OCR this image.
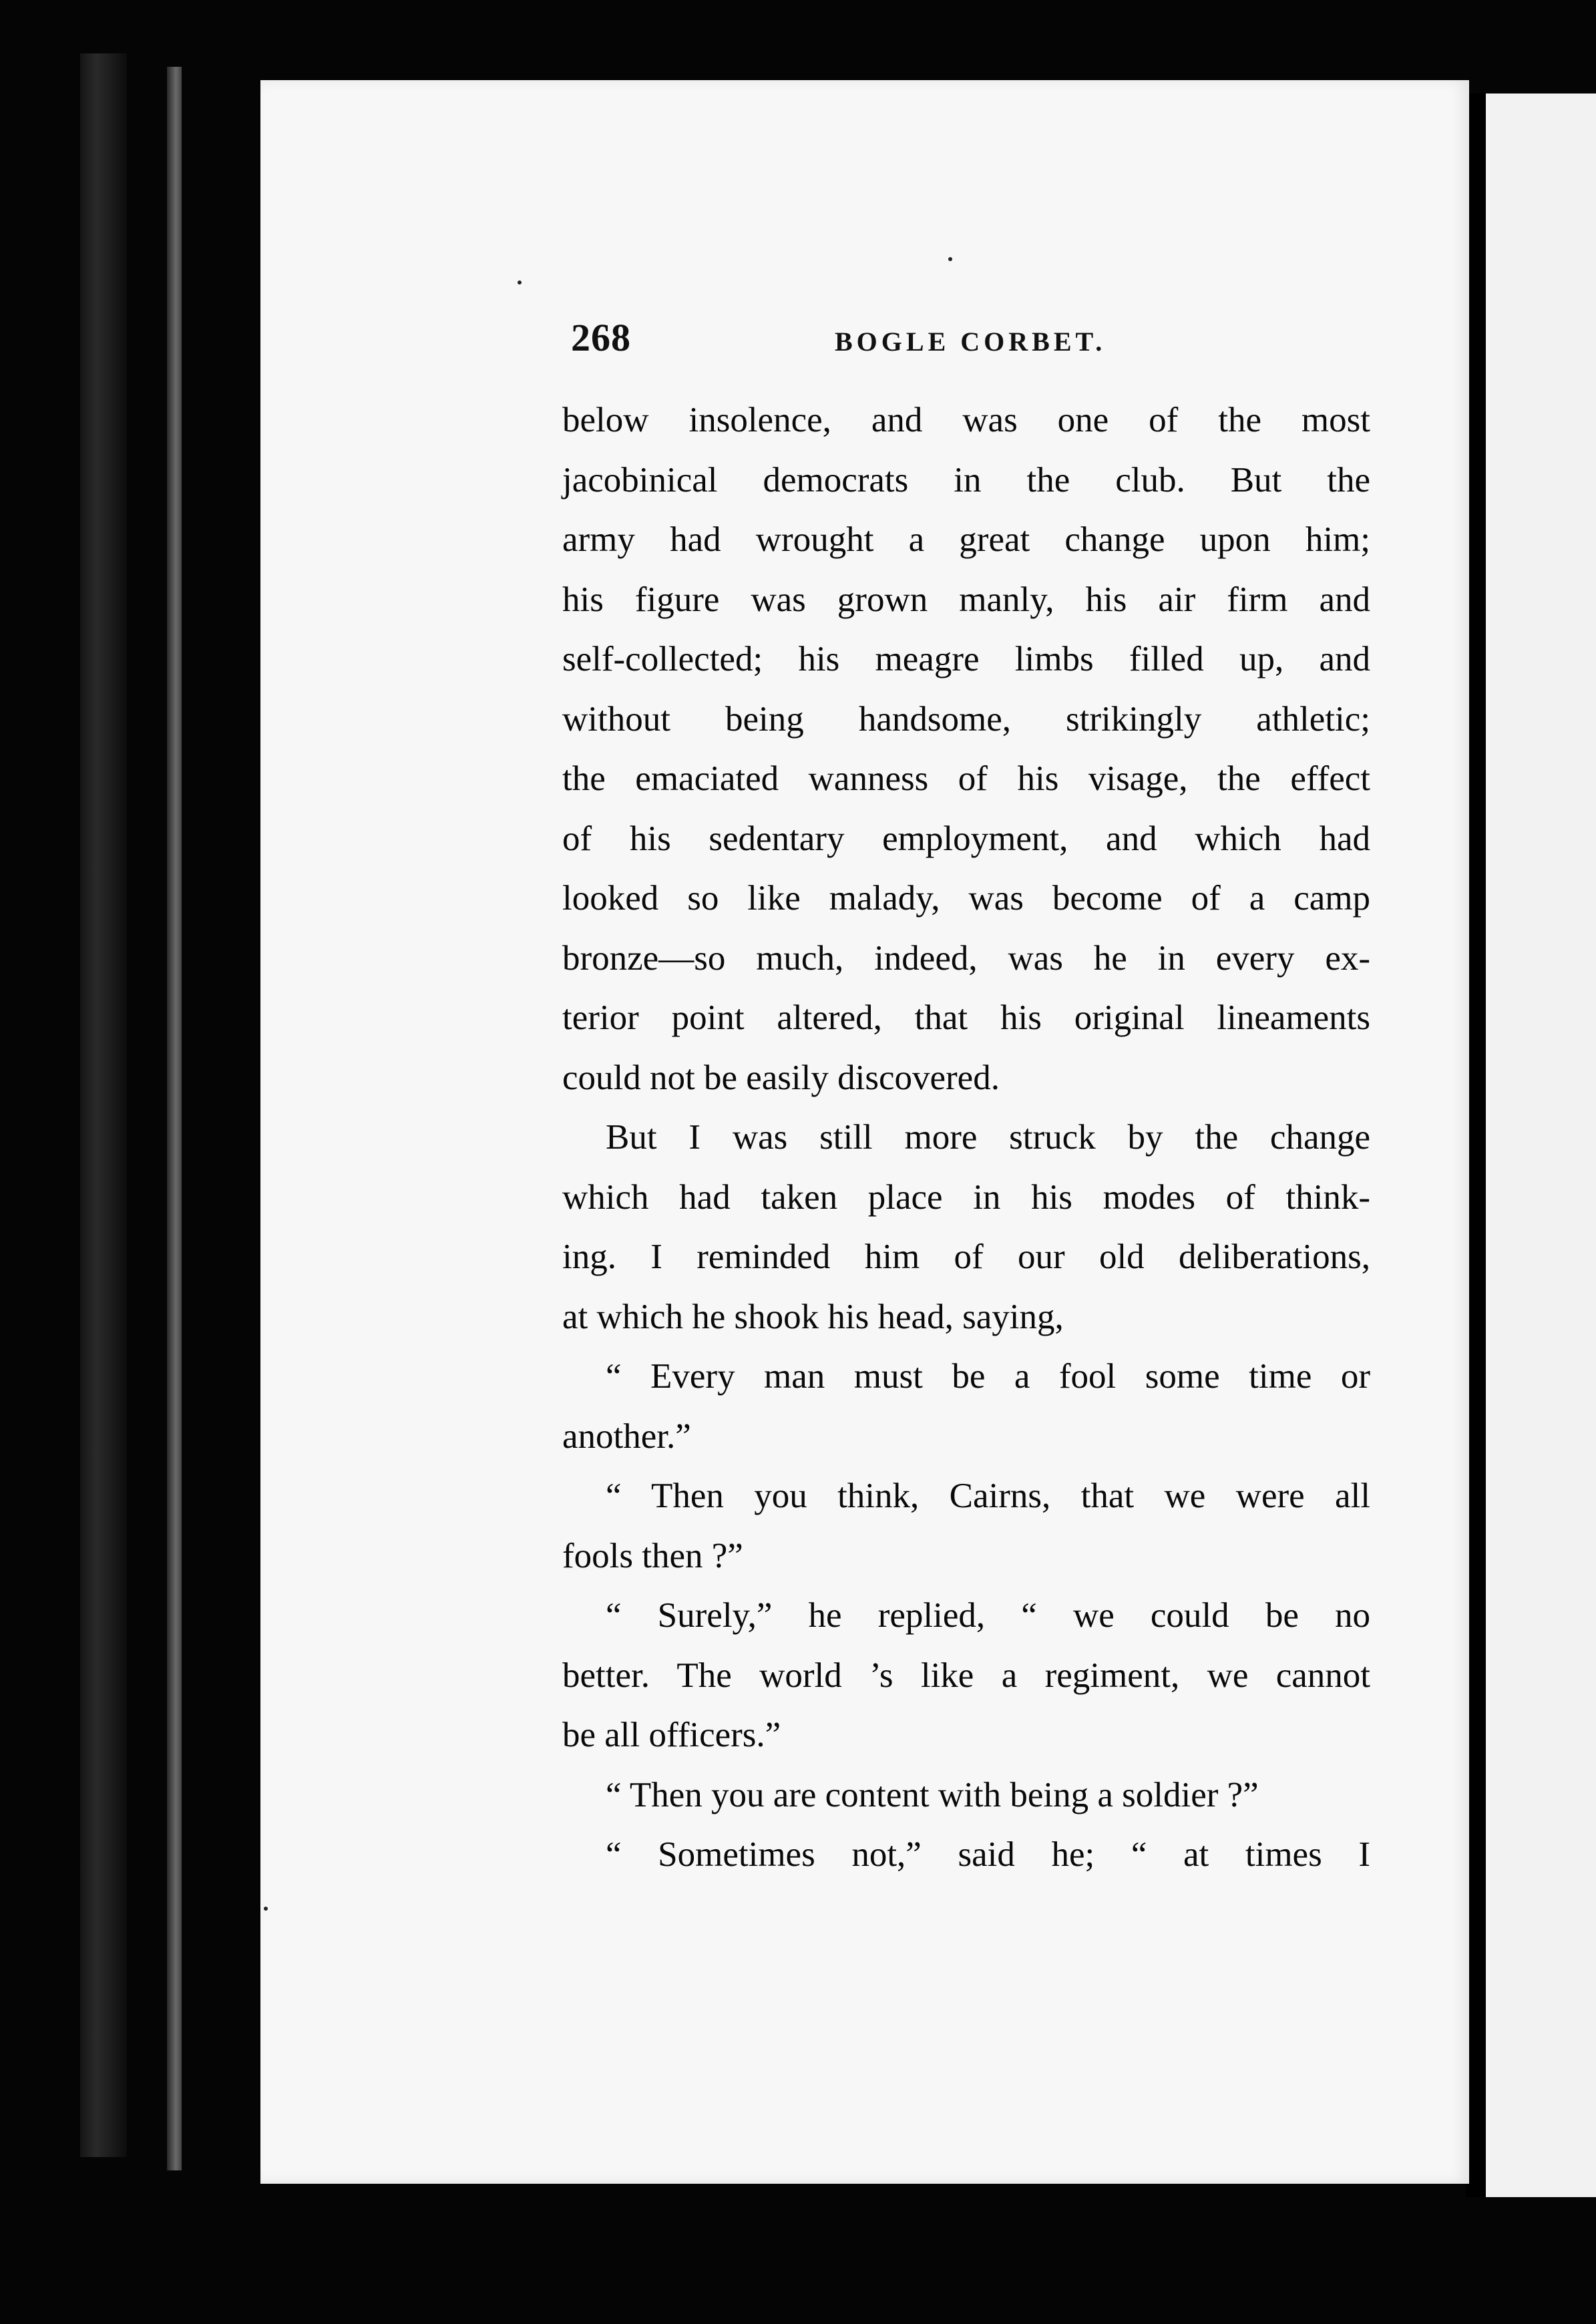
268	BOGLE CORBET.
below insolence, and was one of the most
jacobinical democrats in the club. But the
army had wrought a great change upon him;
his figure was grown manly, his air firm and
self-collected; his meagre limbs filled up, and
without being handsome, strikingly athletic;
the emaciated wanness of his visage, the effect
of his sedentary employment, and which had
looked so like malady, was become of a camp
bronze—so much, indeed, was he in every ex-
terior point altered, that his original lineaments
could not be easily discovered.
But I was still more struck by the change
which had taken place in his modes of think-
ing. I reminded him of our old deliberations,
at which he shook his head, saying,
“ Every man must be a fool some time or
another.”
“ Then you think, Cairns, that we were all
fools then ?”
“ Surely,” he replied, “ we could be no
better. The world ’s like a regiment, we cannot
be all officers.”
“ Then you are content with being a soldier ?”
“ Sometimes not,” said he; “ at times I
